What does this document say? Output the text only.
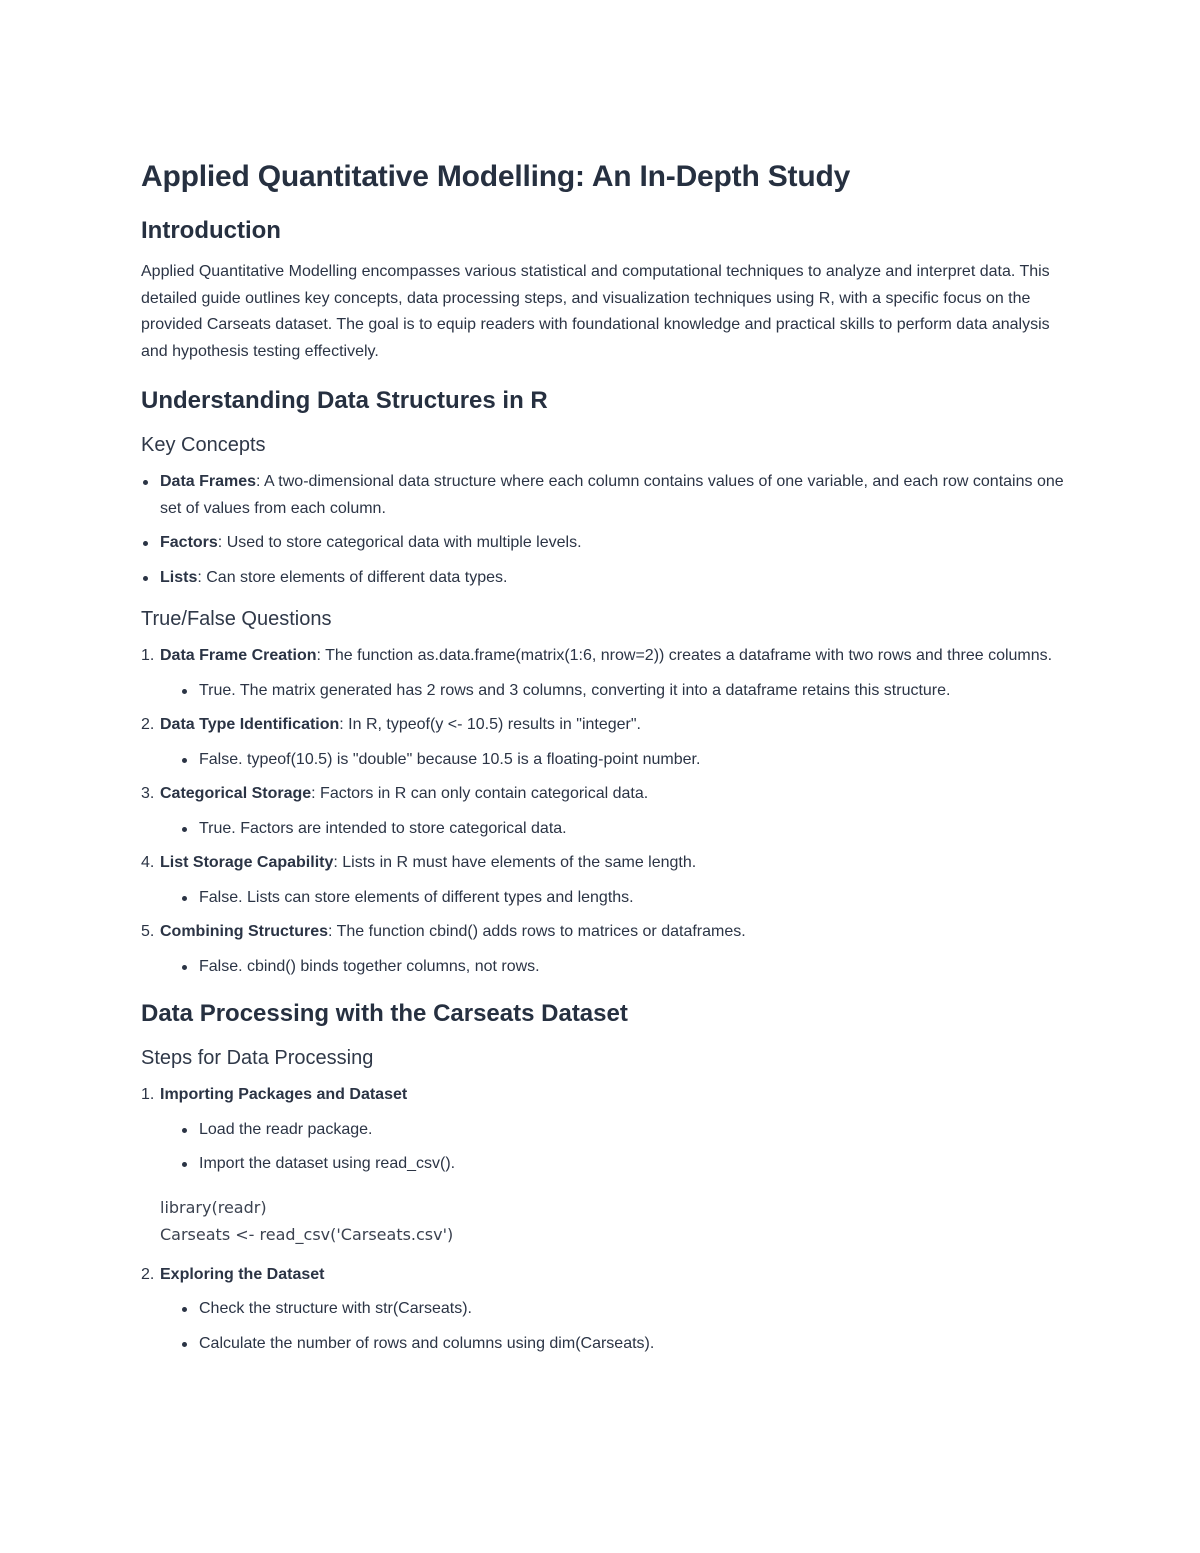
Applied Quantitative Modelling: An In-Depth Study
Introduction

Applied Quantitative Modelling encompasses various statistical and computational techniques to analyze and interpret data. This detailed guide outlines key concepts, data processing steps, and visualization techniques using R, with a specific focus on the provided Carseats dataset. The goal is to equip readers with foundational knowledge and practical skills to perform data analysis and hypothesis testing effectively.

Understanding Data Structures in R
Key Concepts
Data Frames: A two-dimensional data structure where each column contains values of one variable, and each row contains one set of values from each column.
Factors: Used to store categorical data with multiple levels.
Lists: Can store elements of different data types.
True/False Questions
1. Data Frame Creation: The function as.data.frame(matrix(1:6, nrow=2)) creates a dataframe with two rows and three columns.
True. The matrix generated has 2 rows and 3 columns, converting it into a dataframe retains this structure.
2. Data Type Identification: In R, typeof(y <- 10.5) results in "integer".
False. typeof(10.5) is "double" because 10.5 is a floating-point number.
3. Categorical Storage: Factors in R can only contain categorical data.
True. Factors are intended to store categorical data.
4. List Storage Capability: Lists in R must have elements of the same length.
False. Lists can store elements of different types and lengths.
5. Combining Structures: The function cbind() adds rows to matrices or dataframes.
False. cbind() binds together columns, not rows.
Data Processing with the Carseats Dataset
Steps for Data Processing
1. Importing Packages and Dataset
Load the readr package.
Import the dataset using read_csv().
library(readr)
Carseats <- read_csv('Carseats.csv')
2. Exploring the Dataset
Check the structure with str(Carseats).
Calculate the number of rows and columns using dim(Carseats).
